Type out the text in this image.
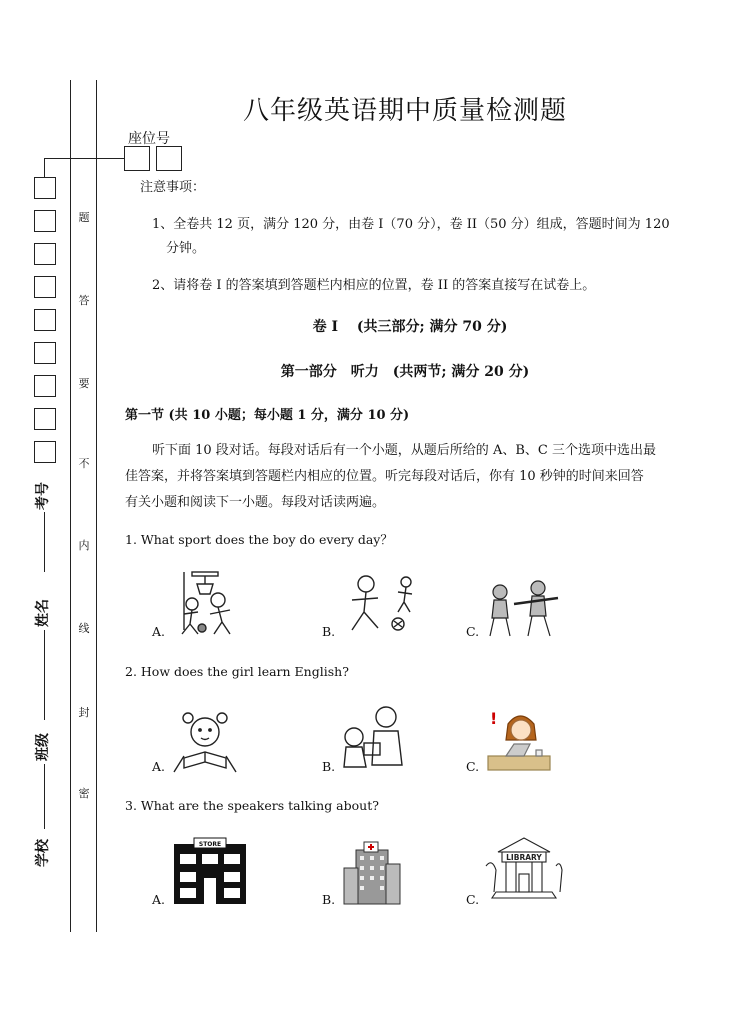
题
答
要
不
内
线
封
密
考号
姓名
班级
学校
八年级英语期中质量检测题
座位号
注意事项：
1、全卷共 12 页，满分 120 分，由卷 I（70 分），卷 II（50 分）组成，答题时间为 120
分钟。
2、请将卷 I 的答案填到答题栏内相应的位置，卷 II 的答案直接写在试卷上。
卷 I　 (共三部分; 满分 70 分)
第一部分　听力　(共两节; 满分 20 分)
第一节 (共 10 小题；每小题 1 分，满分 10 分)
听下面 10 段对话。每段对话后有一个小题，从题后所给的 A、B、C 三个选项中选出最
佳答案，并将答案填到答题栏内相应的位置。听完每段对话后，你有 10 秒钟的时间来回答
有关小题和阅读下一小题。每段对话读两遍。
1. What sport does the boy do every day？
A.	B.	C.
2. How does the girl learn English?
A.	B.	C.
!
3. What are the speakers talking about?
A.	B.	C.
STORE
LIBRARY
